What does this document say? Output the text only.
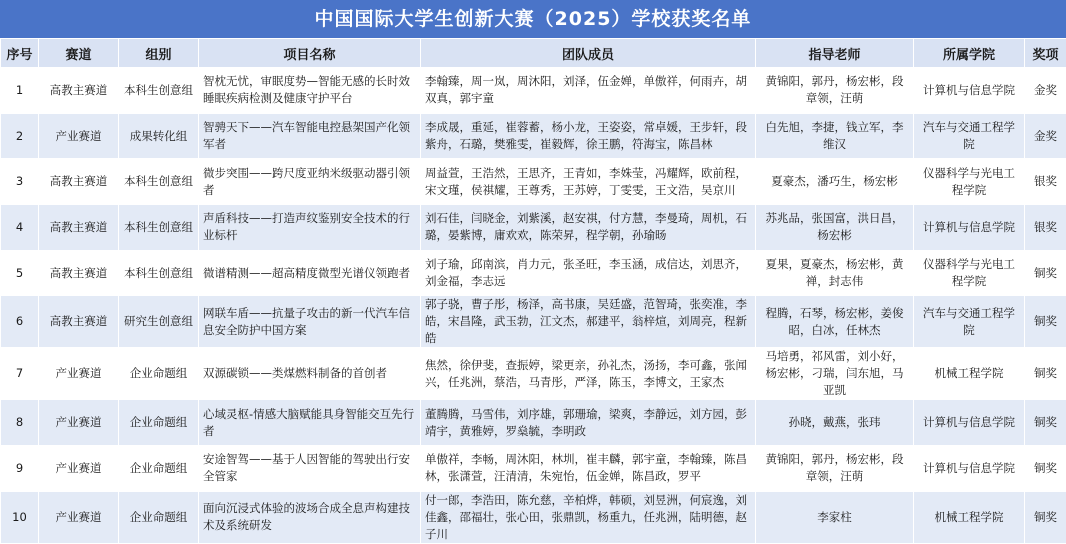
中国国际大学生创新大赛（2025）学校获奖名单
序号	赛道	组别	项目名称	团队成员	指导老师	所属学院	奖项
1	高教主赛道	本科生创意组	智枕无忧，审眠度势—智能无感的长时效睡眠疾病检测及健康守护平台	李翰臻，周一岚，周沐阳，刘泽，伍金婵，单傲祥，何雨卉，胡双真，郭宇童	黄锦阳，郭丹，杨宏彬，段章领，汪萌	计算机与信息学院	金奖
2	产业赛道	成果转化组	智骋天下——汽车智能电控悬架国产化领军者	李成晟，重延，崔蓉蓄，杨小龙，王姿姿，常卓媛，王步轩，段紫舟，石璐，樊雅雯，崔毅辉，徐王鹏，符海宝，陈昌林	白先旭，李捷，钱立军，李维汉	汽车与交通工程学院	金奖
3	高教主赛道	本科生创意组	微步突围——跨尺度亚纳米级驱动器引领者	周益萱，王浩然，王思齐，王青如，李姝莹，冯耀辉，欧前程，宋文瑾，侯祺耀，王尊秀，王苏婷，丁雯雯，王文浩，吴京川	夏豪杰，潘巧生，杨宏彬	仪器科学与光电工程学院	银奖
4	高教主赛道	本科生创意组	声盾科技——打造声纹鉴别安全技术的行业标杆	刘石佳，闫晓金，刘紫溪，赵安祺，付方慧，李曼琦，周机，石璐，晏紫博，庸欢欢，陈荣昇，程学朝，孙瑜旸	苏兆品，张国富，洪日昌，杨宏彬	计算机与信息学院	银奖
5	高教主赛道	本科生创意组	微谱精测——超高精度微型光谱仪领跑者	刘子瑜，邱南滨，肖力元，张圣旺，李玉涵，成信达，刘思齐，刘金福，李志远	夏果，夏豪杰，杨宏彬，黄禅，封志伟	仪器科学与光电工程学院	铜奖
6	高教主赛道	研究生创意组	网联车盾——抗量子攻击的新一代汽车信息安全防护中国方案	郭子骁，曹子彤，杨泽，高书康，吴廷盛，范智琦，张奕准，李皓，宋昌隆，武玉勃，江文杰，郝建平，翁梓煊，刘周亮，程新皓	程腾，石琴，杨宏彬，姜俊昭，白冰，任林杰	汽车与交通工程学院	铜奖
7	产业赛道	企业命题组	双源碳锁——类煤燃料制备的首创者	焦然，徐伊斐，查振婷，梁更亲，孙礼杰，汤扬，李可鑫，张闻兴，任兆洲，蔡浩，马青彤，严泽，陈玉，李博文，王家杰	马培勇，祁风雷，刘小好，杨宏彬，刁瑞，闫东旭，马亚凯	机械工程学院	铜奖
8	产业赛道	企业命题组	心域灵枢-情感大脑赋能具身智能交互先行者	董腾腾，马雪伟，刘序雄，郭珊瑜，梁爽，李静远，刘方园，彭靖宇，黄雅婷，罗燊毓，李明政	孙晓，戴燕，张玮	计算机与信息学院	铜奖
9	产业赛道	企业命题组	安途智驾——基于人因智能的驾驶出行安全管家	单傲祥，李畅，周沐阳，林圳，崔丰麟，郭宇童，李翰臻，陈昌林，张潇萱，汪清清，朱宛怡，伍金婵，陈昌政，罗平	黄锦阳，郭丹，杨宏彬，段章领，汪萌	计算机与信息学院	铜奖
10	产业赛道	企业命题组	面向沉浸式体验的波场合成全息声构建技术及系统研发	付一郎，李浩田，陈允慈，辛柏烨，韩硕，刘昱洲，何宸逸，刘佳鑫，邵福壮，张心田，张鼎凯，杨重九，任兆洲，陆明德，赵子川	李家柱	机械工程学院	铜奖
